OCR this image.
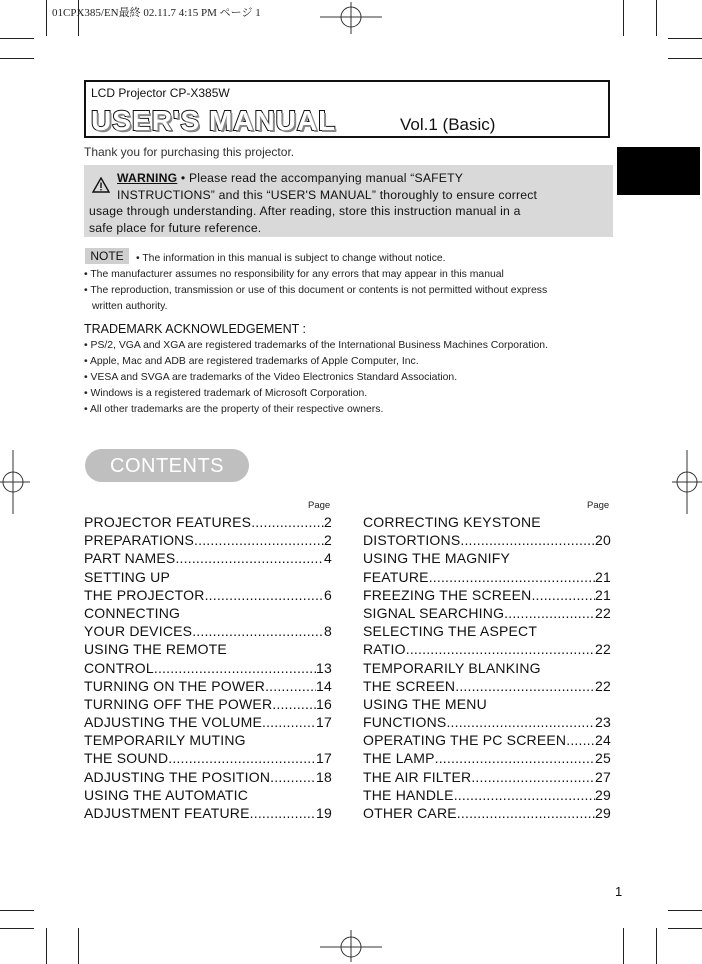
01CPX385/EN最終 02.11.7 4:15 PM ページ 1
LCD Projector CP-X385W
USER'S MANUAL	Vol.1 (Basic)
Thank you for purchasing this projector.
WARNING • Please read the accompanying manual “SAFETY
INSTRUCTIONS” and this “USER'S MANUAL” thoroughly to ensure correct
usage through understanding. After reading, store this instruction manual in a
safe place for future reference.
NOTE	• The information in this manual is subject to change without notice.
• The manufacturer assumes no responsibility for any errors that may appear in this manual
• The reproduction, transmission or use of this document or contents is not permitted without express
written authority.
TRADEMARK ACKNOWLEDGEMENT :
• PS/2, VGA and XGA are registered trademarks of the International Business Machines Corporation.
• Apple, Mac and ADB are registered trademarks of Apple Computer, Inc.
• VESA and SVGA are trademarks of the Video Electronics Standard Association.
• Windows is a registered trademark of Microsoft Corporation.
• All other trademarks are the property of their respective owners.
CONTENTS
Page	Page
PROJECTOR FEATURES .....	2
PREPARATIONS .....	2
PART NAMES .....	4
SETTING UP
THE PROJECTOR .....	6
CONNECTING
YOUR DEVICES .....	8
USING THE REMOTE
CONTROL .....	13
TURNING ON THE POWER .....	14
TURNING OFF THE POWER .....	16
ADJUSTING THE VOLUME .....	17
TEMPORARILY MUTING
THE SOUND .....	17
ADJUSTING THE POSITION .....	18
USING THE AUTOMATIC
ADJUSTMENT FEATURE .....	19
CORRECTING KEYSTONE
DISTORTIONS .....	20
USING THE MAGNIFY
FEATURE .....	21
FREEZING THE SCREEN .....	21
SIGNAL SEARCHING .....	22
SELECTING THE ASPECT
RATIO .....	22
TEMPORARILY BLANKING
THE SCREEN .....	22
USING THE MENU
FUNCTIONS .....	23
OPERATING THE PC SCREEN ..... 24
THE LAMP .....	25
THE AIR FILTER .....	27
THE HANDLE .....	29
OTHER CARE .....	29
1
